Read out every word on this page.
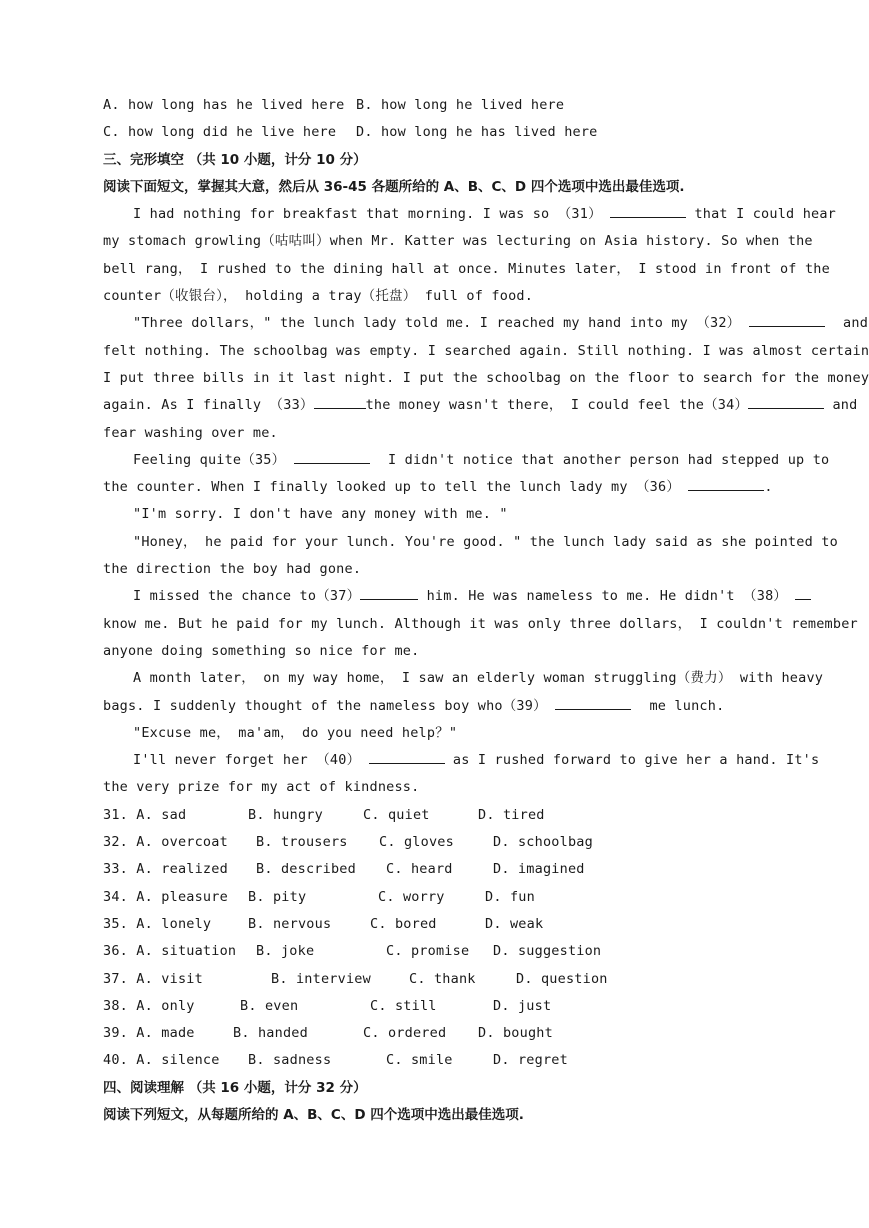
A. how long has he lived here B. how long he lived here
C. how long did he live here D. how long he has lived here
三、完形填空 （共 10 小题，计分 10 分）
阅读下面短文，掌握其大意，然后从 36-45 各题所给的 A、B、C、D 四个选项中选出最佳选项.
I had nothing for breakfast that morning. I was so （31）	that I could hear
my stomach growling（咕咕叫）when Mr. Katter was lecturing on Asia history. So when the
bell rang， I rushed to the dining hall at once. Minutes later， I stood in front of the
counter（收银台）， holding a tray（托盘） full of food.
"Three dollars，" the lunch lady told me. I reached my hand into my （32）	and
felt nothing. The schoolbag was empty. I searched again. Still nothing. I was almost certain
I put three bills in it last night. I put the schoolbag on the floor to search for the money
again. As I finally （33）	the money wasn't there， I could feel the（34）	and
fear washing over me.
Feeling quite（35）	I didn't notice that another person had stepped up to
the counter. When I finally looked up to tell the lunch lady my （36）	.
"I'm sorry. I don't have any money with me. "
"Honey， he paid for your lunch. You're good. " the lunch lady said as she pointed to
the direction the boy had gone.
I missed the chance to（37）	him. He was nameless to me. He didn't （38）
know me. But he paid for my lunch. Although it was only three dollars， I couldn't remember
anyone doing something so nice for me.
A month later， on my way home， I saw an elderly woman struggling（费力） with heavy
bags. I suddenly thought of the nameless boy who（39）	me lunch.
"Excuse me， ma'am， do you need help？"
I'll never forget her （40）	as I rushed forward to give her a hand. It's
the very prize for my act of kindness.
31. A. sad	B. hungry	C. quiet	D. tired
32. A. overcoat B. trousers C. gloves	D. schoolbag
33. A. realized B. described C. heard	D. imagined
34. A. pleasure B. pity	C. worry	D. fun
35. A. lonely	B. nervous	C. bored	D. weak
36. A. situation B. joke	C. promise D. suggestion
37. A. visit	B. interview	C. thank	D. question
38. A. only	B. even	C. still	D. just
39. A. made	B. handed	C. ordered D. bought
40. A. silence B. sadness	C. smile	D. regret
四、阅读理解 （共 16 小题，计分 32 分）
阅读下列短文，从每题所给的 A、B、C、D 四个选项中选出最佳选项.
